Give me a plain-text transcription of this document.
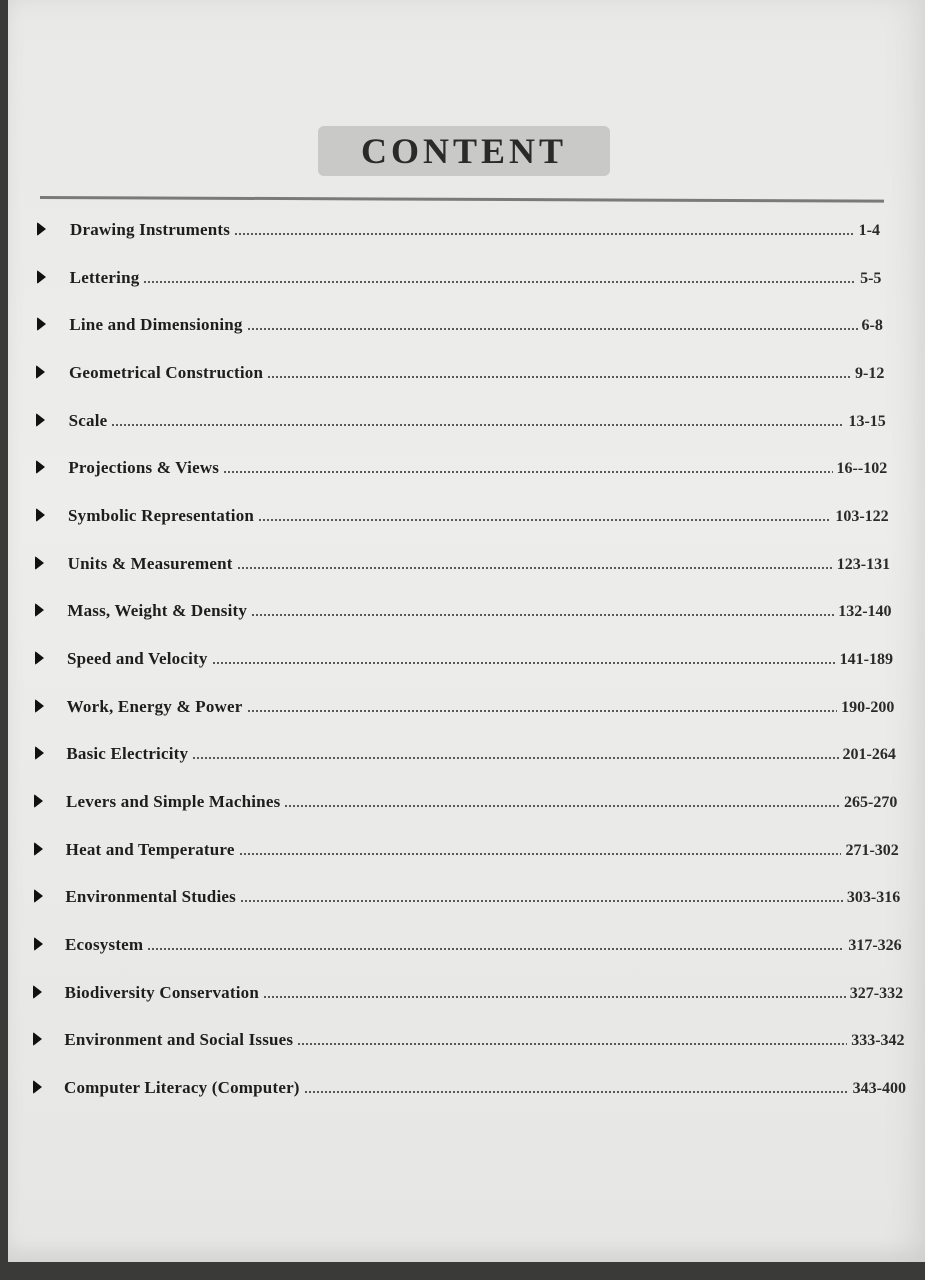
CONTENT
Drawing Instruments	1-4
Lettering	5-5
Line and Dimensioning	6-8
Geometrical Construction	9-12
Scale	13-15
Projections & Views	16--102
Symbolic Representation	103-122
Units & Measurement	123-131
Mass, Weight & Density	132-140
Speed and Velocity	141-189
Work, Energy & Power	190-200
Basic Electricity	201-264
Levers and Simple Machines	265-270
Heat and Temperature	271-302
Environmental Studies	303-316
Ecosystem	317-326
Biodiversity Conservation	327-332
Environment and Social Issues	333-342
Computer Literacy (Computer)	343-400
